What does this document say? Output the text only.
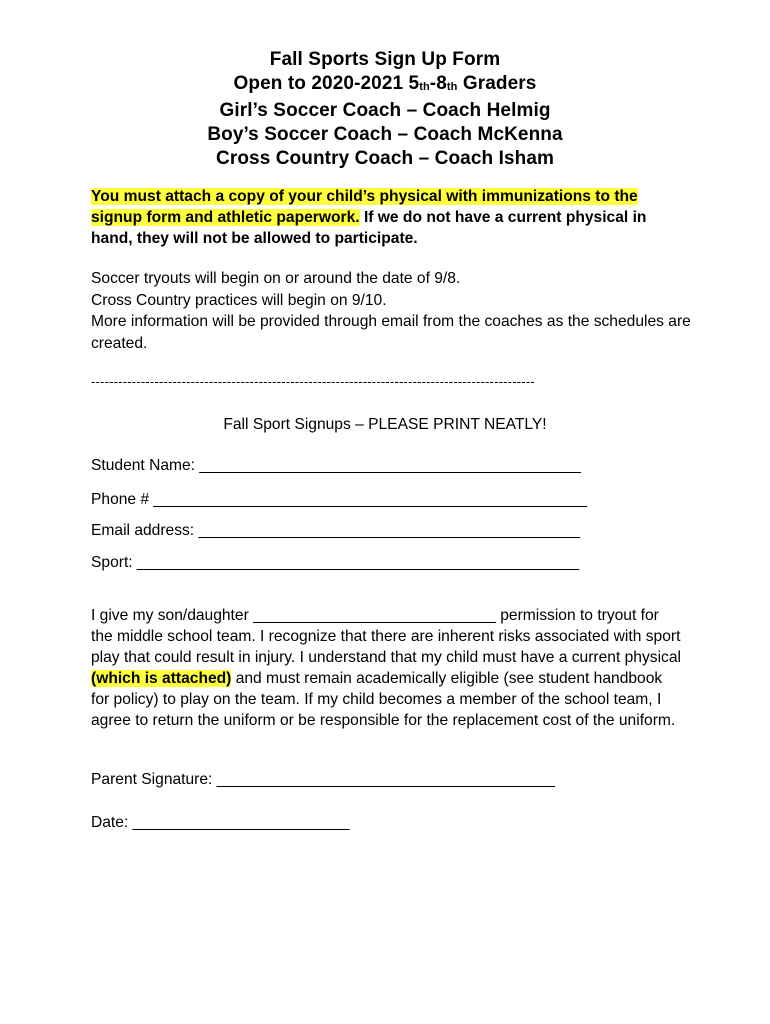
Fall Sports Sign Up Form
Open to 2020-2021 $5_{th}-8_{th}$ Graders
Girl’s Soccer Coach – Coach Helmig
Boy’s Soccer Coach – Coach McKenna
Cross Country Coach – Coach Isham
You must attach a copy of your child’s physical with immunizations to the signup form and athletic paperwork. If we do not have a current physical in hand, they will not be allowed to participate.
Soccer tryouts will begin on or around the date of 9/8.
Cross Country practices will begin on 9/10.
More information will be provided through email from the coaches as the schedules are created.
--------------------------------------------------------------------------------------------------
Fall Sport Signups – PLEASE PRINT NEATLY!
Student Name: ____________________________________________
Phone # __________________________________________________
Email address: ____________________________________________
Sport: ___________________________________________________
I give my son/daughter ____________________________ permission to tryout for the middle school team. I recognize that there are inherent risks associated with sport play that could result in injury. I understand that my child must have a current physical (which is attached) and must remain academically eligible (see student handbook for policy) to play on the team. If my child becomes a member of the school team, I agree to return the uniform or be responsible for the replacement cost of the uniform.
Parent Signature: _______________________________________
Date: _________________________
